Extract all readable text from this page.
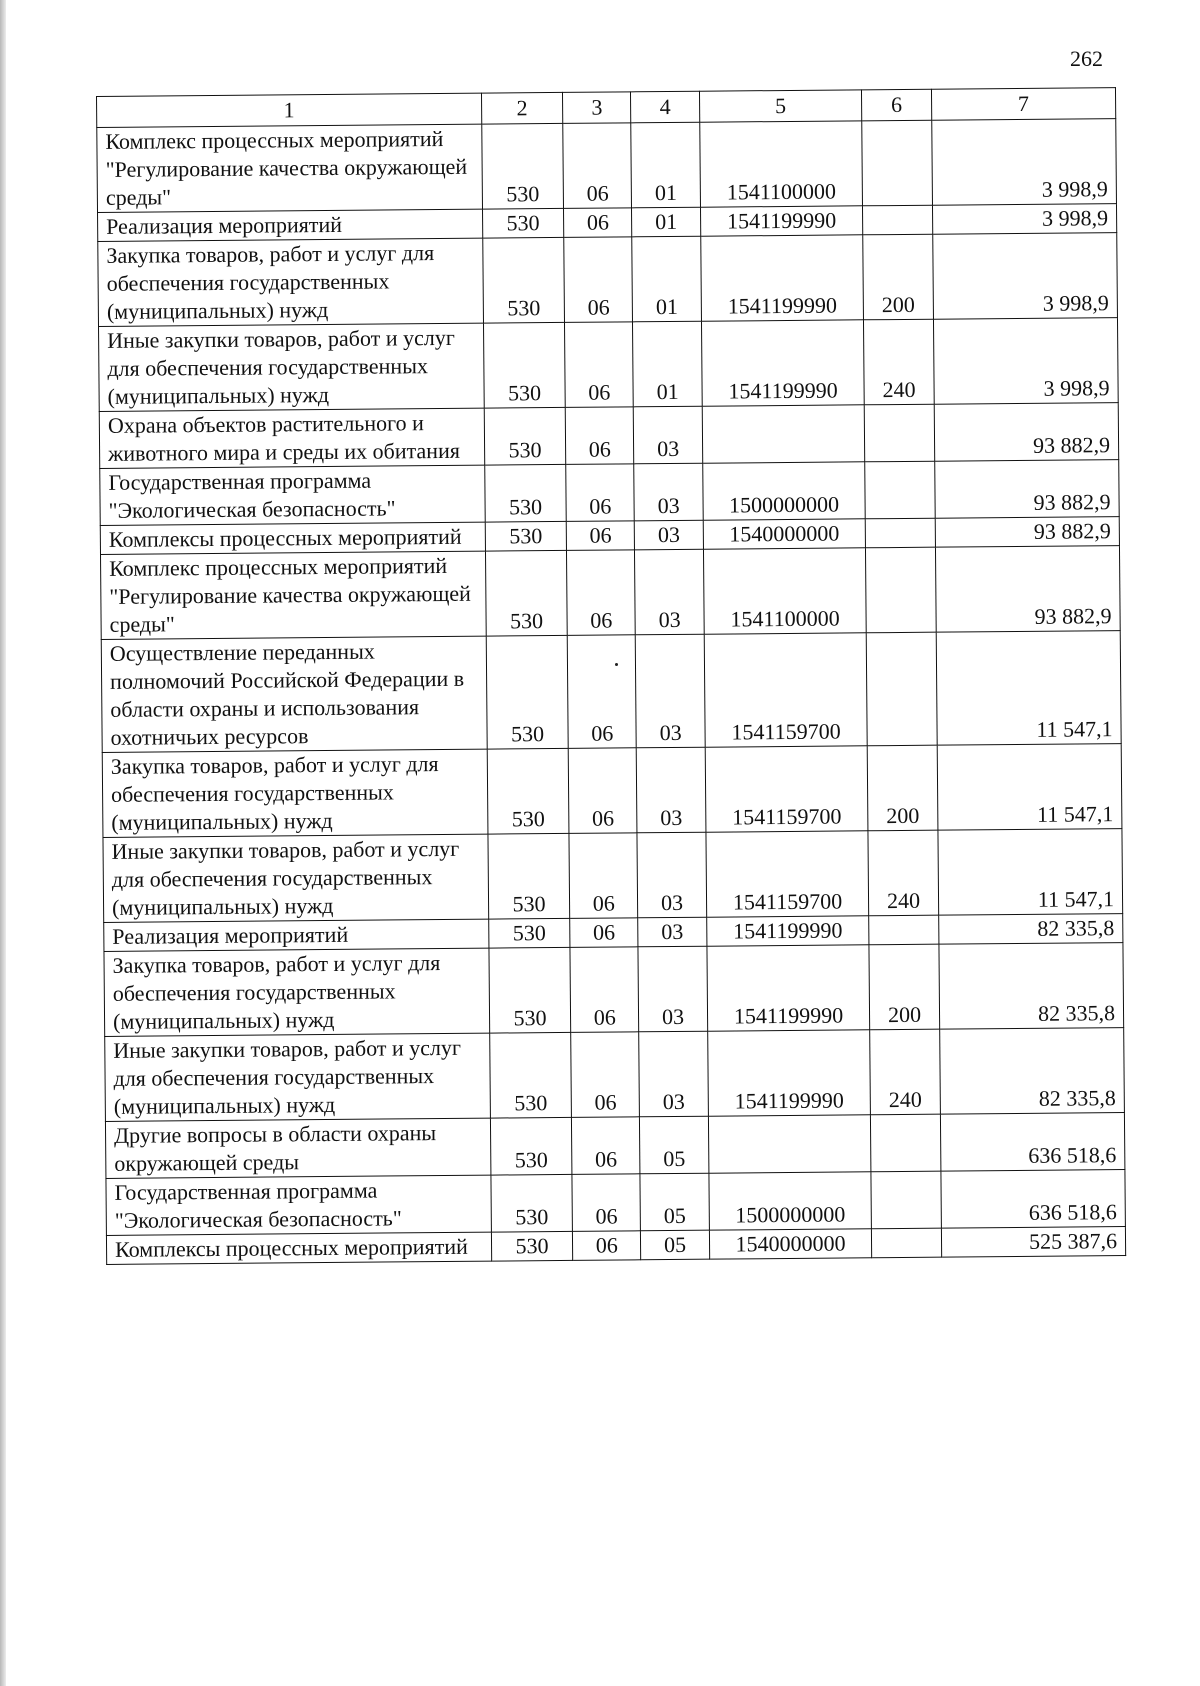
262
1	2	3	4	5	6	7
Комплекс процессных мероприятий "Регулирование качества окружающей среды"	530	06	01	1541100000		3 998,9
Реализация мероприятий	530	06	01	1541199990		3 998,9
Закупка товаров, работ и услуг для обеспечения государственных (муниципальных) нужд	530	06	01	1541199990	200	3 998,9
Иные закупки товаров, работ и услуг для обеспечения государственных (муниципальных) нужд	530	06	01	1541199990	240	3 998,9
Охрана объектов растительного и животного мира и среды их обитания	530	06	03			93 882,9
Государственная программа "Экологическая безопасность"	530	06	03	1500000000		93 882,9
Комплексы процессных мероприятий	530	06	03	1540000000		93 882,9
Комплекс процессных мероприятий "Регулирование качества окружающей среды"	530	06	03	1541100000		93 882,9
Осуществление переданных полномочий Российской Федерации в области охраны и использования охотничьих ресурсов	530	06	03	1541159700		11 547,1
Закупка товаров, работ и услуг для обеспечения государственных (муниципальных) нужд	530	06	03	1541159700	200	11 547,1
Иные закупки товаров, работ и услуг для обеспечения государственных (муниципальных) нужд	530	06	03	1541159700	240	11 547,1
Реализация мероприятий	530	06	03	1541199990		82 335,8
Закупка товаров, работ и услуг для обеспечения государственных (муниципальных) нужд	530	06	03	1541199990	200	82 335,8
Иные закупки товаров, работ и услуг для обеспечения государственных (муниципальных) нужд	530	06	03	1541199990	240	82 335,8
Другие вопросы в области охраны окружающей среды	530	06	05			636 518,6
Государственная программа "Экологическая безопасность"	530	06	05	1500000000		636 518,6
Комплексы процессных мероприятий	530	06	05	1540000000		525 387,6
